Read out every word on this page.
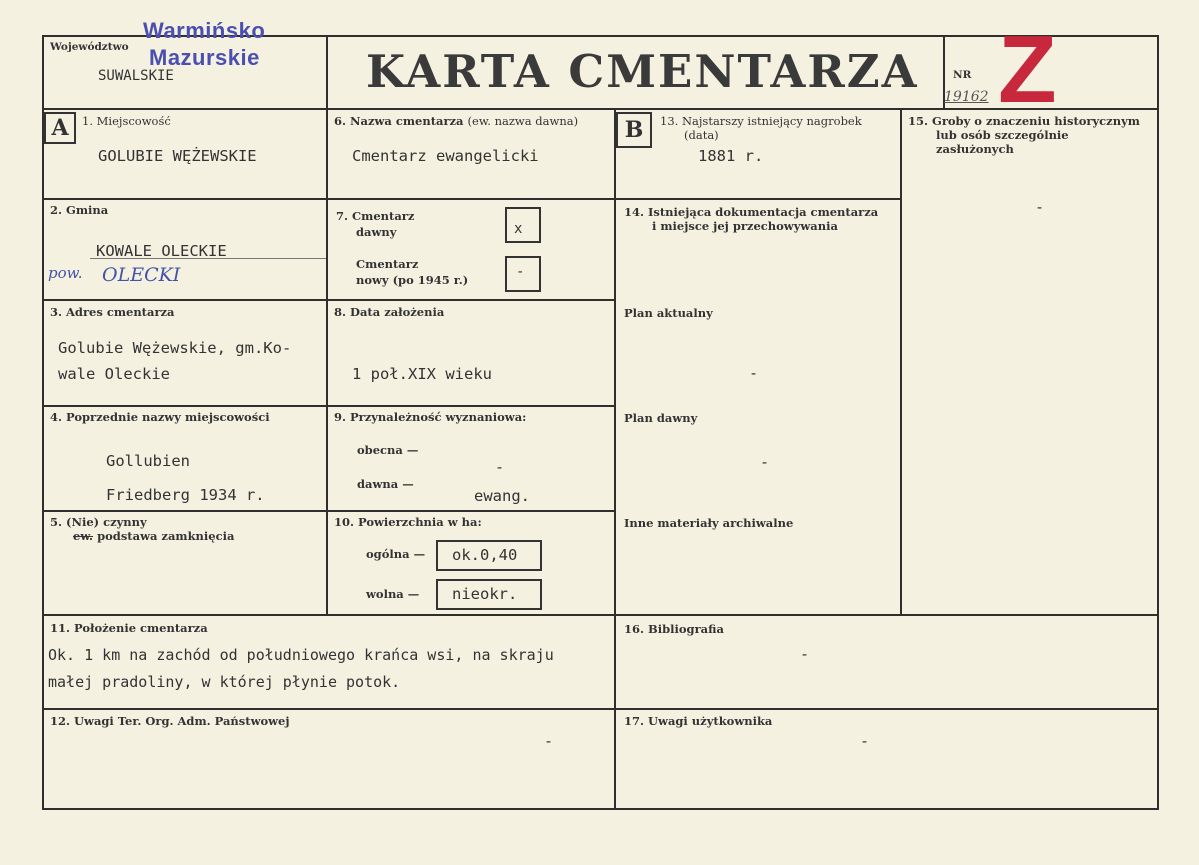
Województwo
SUWALSKIE
Warmińsko
Mazurskie KARTA CMENTARZA	NR
19162 Z
A	1. Miejscowość
GOLUBIE WĘŻEWSKIE
6. Nazwa cmentarza (ew. nazwa dawna)
Cmentarz ewangelicki
B	13. Najstarszy istniejący nagrobek
(data)
1881 r.
15. Groby o znaczeniu historycznym
lub osób szczególnie
zasłużonych
-
2. Gmina
KOWALE OLECKIE
pow. OLECKI
7. Cmentarz
dawny	x
Cmentarz
nowy (po 1945 r.)	-
14. Istniejąca dokumentacja cmentarza
i miejsce jej przechowywania
3. Adres cmentarza
Golubie Wężewskie, gm.Ko-
wale Oleckie
8. Data założenia
1 poł.XIX wieku
Plan aktualny
-
4. Poprzednie nazwy miejscowości
Gollubien
Friedberg 1934 r.
9. Przynależność wyznaniowa:
obecna —
-
dawna —
ewang.
Plan dawny
-
5. (Nie) czynny
ew. podstawa zamknięcia
10. Powierzchnia w ha:
ogólna — ok.0,40
wolna — nieokr.
Inne materiały archiwalne
11. Położenie cmentarza
Ok. 1 km na zachód od południowego krańca wsi, na skraju
małej pradoliny, w której płynie potok.
16. Bibliografia
-
12. Uwagi Ter. Org. Adm. Państwowej
-
17. Uwagi użytkownika
-
